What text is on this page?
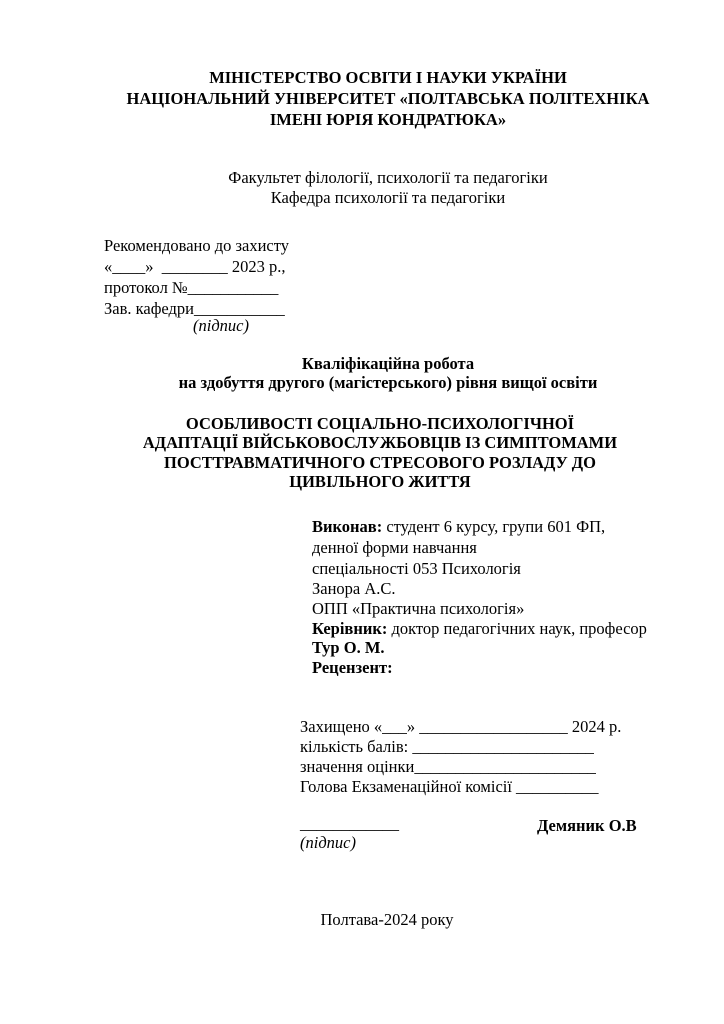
МІНІСТЕРСТВО ОСВІТИ І НАУКИ УКРАЇНИ
НАЦІОНАЛЬНИЙ УНІВЕРСИТЕТ «ПОЛТАВСЬКА ПОЛІТЕХНІКА
ІМЕНІ ЮРІЯ КОНДРАТЮКА»
Факультет філології, психології та педагогіки
Кафедра психології та педагогіки
Рекомендовано до захисту
«____»  ________ 2023 р.,
протокол №___________
Зав. кафедри___________
(підпис)
Кваліфікаційна робота
на здобуття другого (магістерського) рівня вищої освіти
ОСОБЛИВОСТІ СОЦІАЛЬНО-ПСИХОЛОГІЧНОЇ
АДАПТАЦІЇ ВІЙСЬКОВОСЛУЖБОВЦІВ ІЗ СИМПТОМАМИ
ПОСТТРАВМАТИЧНОГО СТРЕСОВОГО РОЗЛАДУ ДО
ЦИВІЛЬНОГО ЖИТТЯ
Виконав: студент 6 курсу, групи 601 ФП,
денної форми навчання
спеціальності 053 Психологія
Занора А.С.
ОПП «Практична психологія»
Керівник: доктор педагогічних наук, професор
Тур О. М.
Рецензент:
Захищено «___» __________________ 2024 р.
кількість балів: ______________________
значення оцінки______________________
Голова Екзаменаційної комісії __________
____________	Демяник О.В
(підпис)
Полтава-2024 року
